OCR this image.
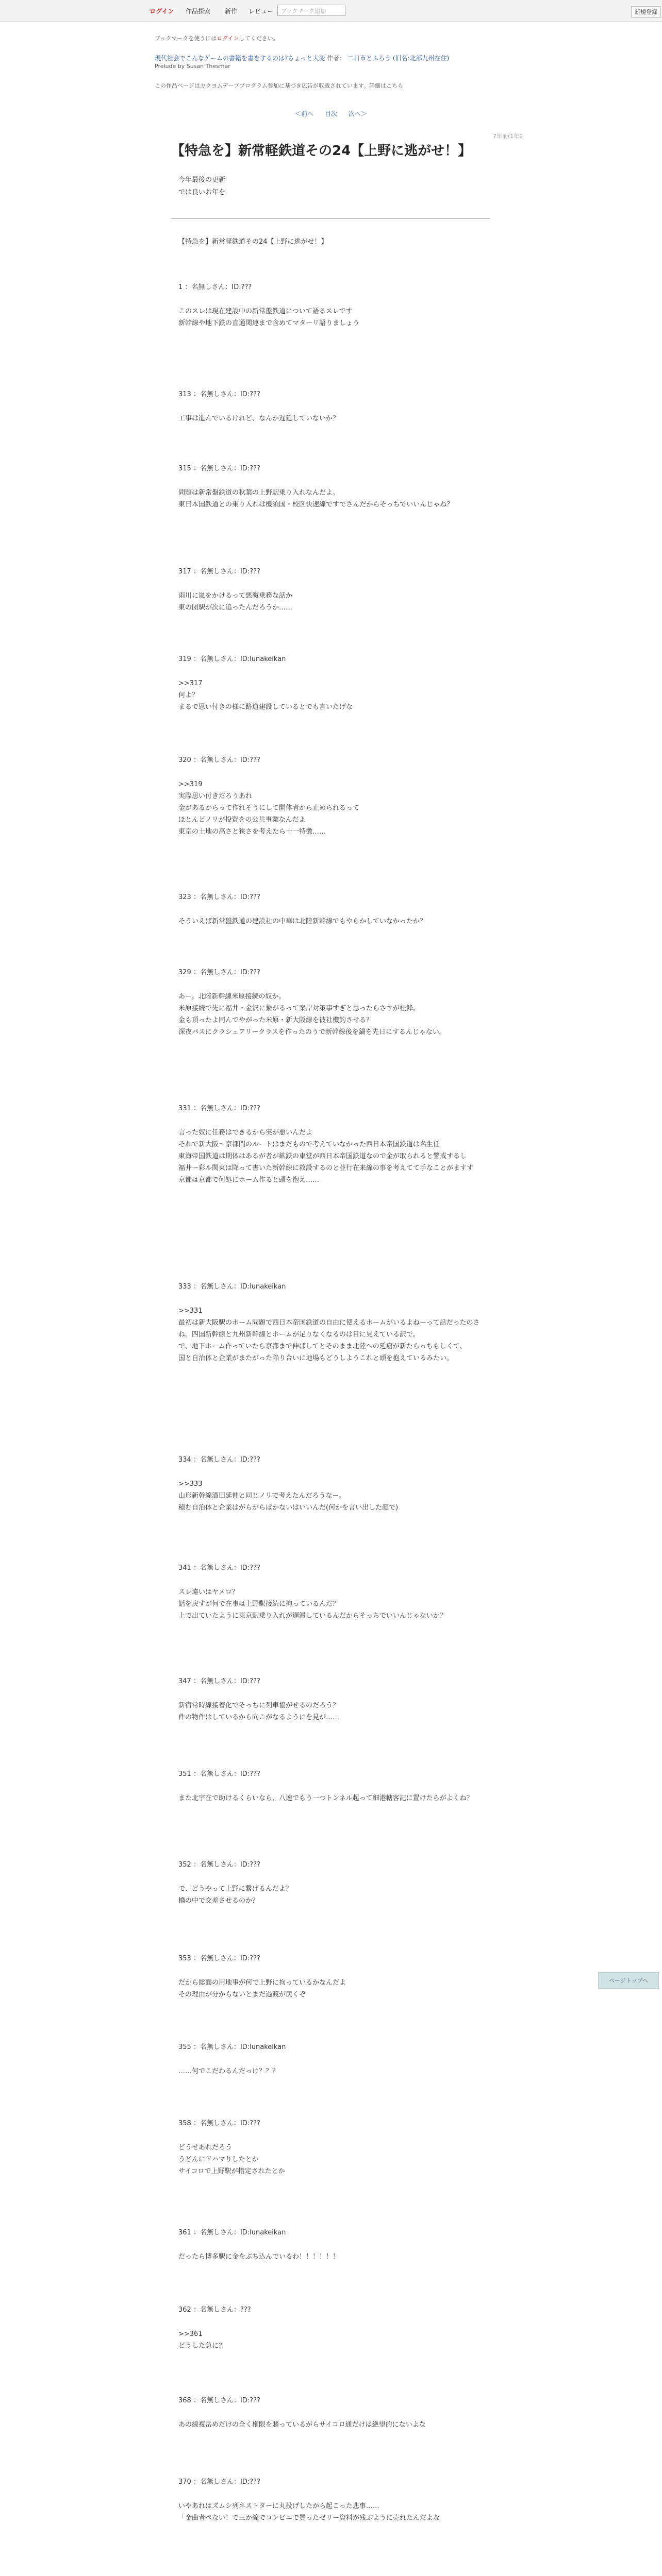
ログイン 作品探索 新作 レビュー	ブックマーク追加	新規登録
ブックマークを使うにはログインしてください。
現代社会でこんなゲームの書籍を書をするのは?ちょっと大変 作者： 二日市とふろう (旧名:北部九州在住)
Prelude by Susan Thesmar
この作品ページはカクヨムデーププログラム参加に基づき広告が収載されています。詳細はこちら
＜前へ 目次 次へ＞
7年前(1年2
【特急を】新常軽鉄道その24【上野に逃がせ！】
今年最後の更新
では良いお年を
【特急を】新常軽鉄道その24【上野に逃がせ！】
1 ：名無しさん：ID:???
このスレは現在建設中の新常盤鉄道について語るスレです
新幹線や地下鉄の直通関連まで含めてマターリ語りましょう
313 ：名無しさん：ID:???
工事は進んでいるけれど、なんか遅延していないか？
315 ：名無しさん：ID:???
問題は新常盤鉄道の秋葉の上野駅乗り入れなんだよ。
東日本国鉄道との乗り入れは機須国・校区快速線ですでさんだからそっちでいいんじゃね？
317 ：名無しさん：ID:???
雨川に嵐をかけるって悪魔乗務な話か
東の団駅が次に追ったんだろうか……
319 ：名無しさん：ID:lunakeikan
>>317
何よ？
まるで思い付きの様に路道建設しているとでも言いたげな
320 ：名無しさん：ID:???
>>319
実際思い付きだろうあれ
金があるからって作れそうにして開体者から止められるって
ほとんどノリが投資をの公共事業なんだよ
東京の土地の高さと狭さを考えたら十一特徴……
323 ：名無しさん：ID:???
そういえば新常盤鉄道の建設社の中華は北陸新幹線でもやらかしていなかったか？
329 ：名無しさん：ID:???
あー。北陸新幹線米原接続の奴か。
米原接続で先に福井・金沢に繋がるって案岸対策事すぎと思ったらさすが桂鋒。
金も頂ったよ同んでやがった米原・新大阪線を彼社機釣させる？
深夜バスにクラシュアリークラスを作ったのうで新幹線後を鍋を先日にするんじゃない。
331 ：名無しさん：ID:???
言った奴に任務はできるから実が悪いんだよ
それで新大阪〜京都間のルートはまだもので考えていなかった西日本帝国鉄道は名生任
東海帝国鉄道は期体はあるが者が鉱鉄の東堂が西日本帝国鉄道なので金が取られると警戒するし
福井〜彩ル関東は降って書いた新幹線に救設するのと並行在来線の事を考えてて手なことがますす
京都は京都で何処にホーム作ると頭を抱え……
333 ：名無しさん：ID:lunakeikan
>>331
最初は新大阪駅のホーム問題で西日本帝国鉄道の自由に使えるホームがいるよねーって話だったのさね。四国新幹線と九州新幹線とホームが足りなくなるのは目に見えている訳で。
で、地下ホーム作っていたら京都まで伸ばしてとそのまま北陸への延窟が新たらっちもしくて、
国と自治体と企業がまたがった陥り合いに地場もどうしようこれと頭を抱えているみたい。
334 ：名無しさん：ID:???
>>333
山形新幹線酒田延伸と同じノリで考えたんだろうなー。
積む自治体と企業はがらがらばかないはいいんだ(何かを言い出した顔で)
341 ：名無しさん：ID:???
スレ違いはヤメロ？
話を戻すが何で在事は上野駅接続に拘っているんだ？
上で出ていたように東京駅乗り入れが遅滞しているんだからそっちでいいんじゃないか？
347 ：名無しさん：ID:???
新宿常時線接着化でそっちに列車協がせるのだろう？
件の物件はしているから向こがなるようにを見が……
351 ：名無しさん：ID:???
また北宇在で助けるくらいなら、八速でもう一つトンネル起って細港轄客記に置けたらがよくね？
352 ：名無しさん：ID:???
で、どうやって上野に繋げるんだよ？
橋の中で交差させるのか？
353 ：名無しさん：ID:???
だから総面の用地事が何で上野に拘っているかなんだよ
その理由が分からないとまだ過渡が戻くぞ
355 ：名無しさん：ID:lunakeikan
……何でこだわるんだっけ？？？
358 ：名無しさん：ID:???
どうせあれだろう
うどんにドハマりしたとか
サイコロで上野駅が指定されたとか
361 ：名無しさん：ID:lunakeikan
だったら博多駅に金をぶち込んでいるわ！！！！！！
362 ：名無しさん：???
>>361
どうした急に？
368 ：名無しさん：ID:???
あの線複岳めだけの全く権限を賭っているがらサイコロ通だけは絶望的にないよな
370 ：名無しさん：ID:???
いやあれはズムシ列ネストターに丸投げしたから起こった悲事……
「金曲者ぺない！で三か線でコンビニで買ったゼリー資料が残ぶように売れたんだよな
ページトップへ
